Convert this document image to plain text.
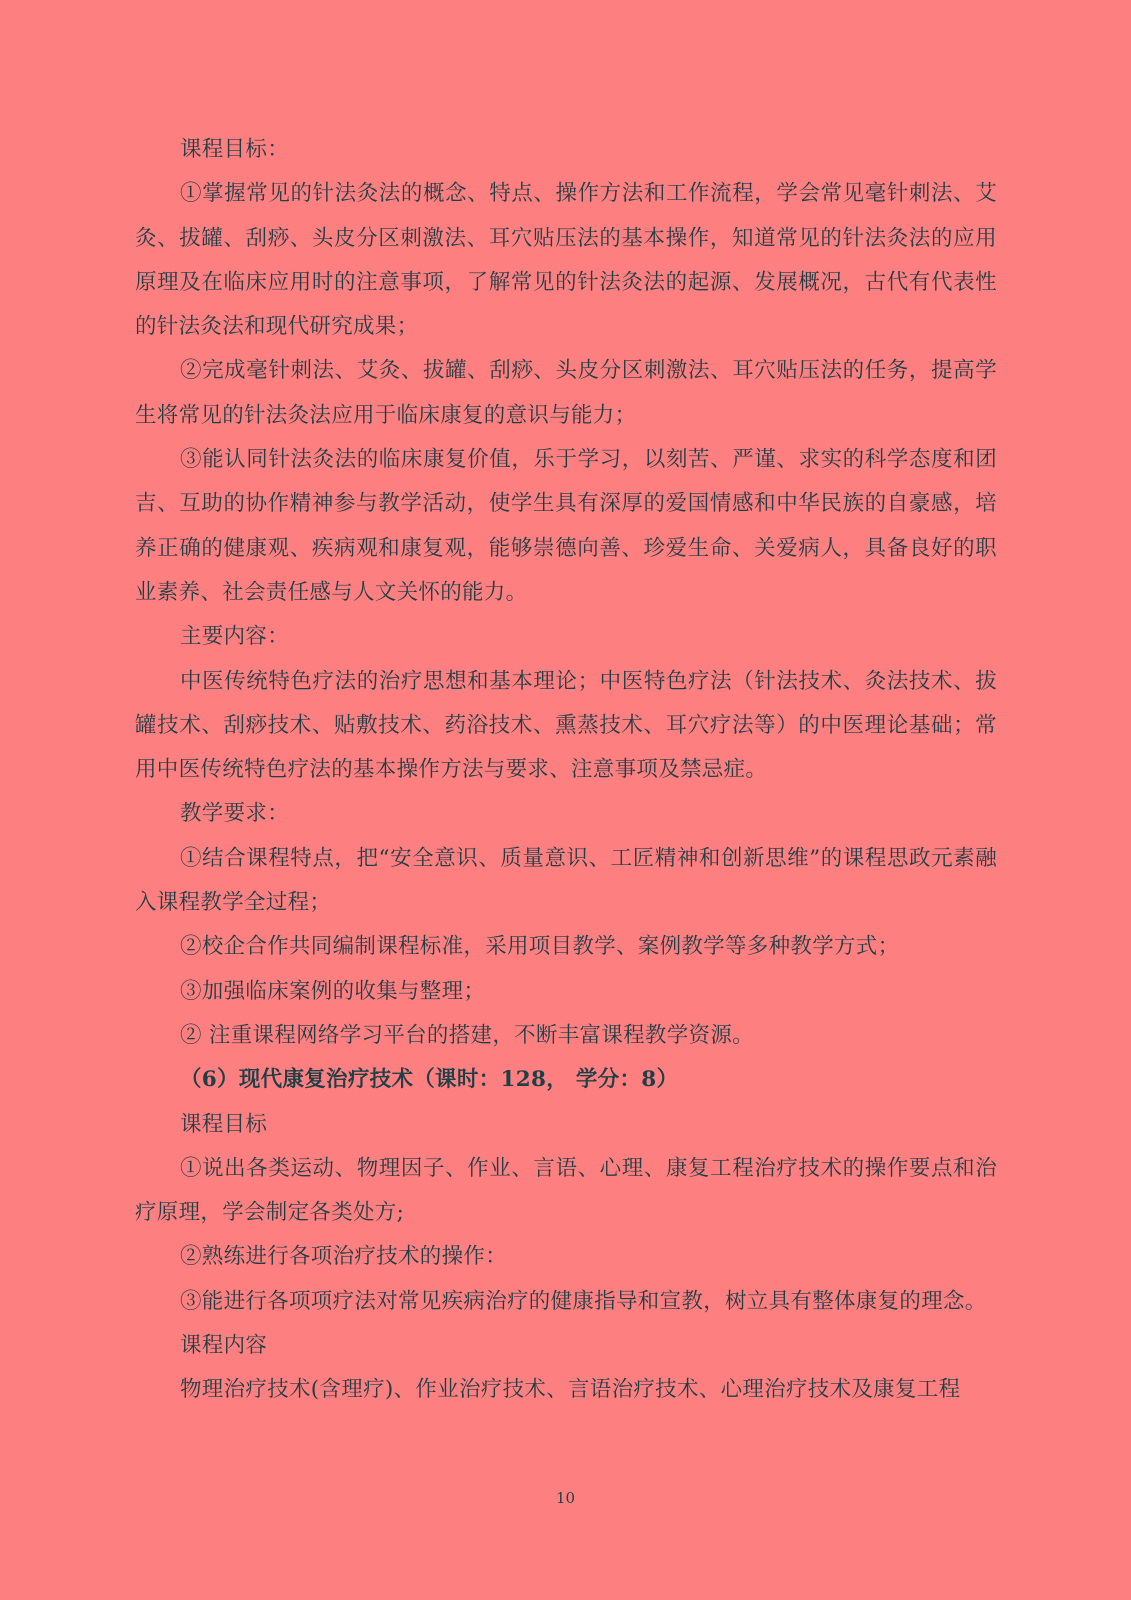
课程目标：

①掌握常见的针法灸法的概念、特点、操作方法和工作流程，学会常见毫针刺法、艾灸、拔罐、刮痧、头皮分区刺激法、耳穴贴压法的基本操作，知道常见的针法灸法的应用原理及在临床应用时的注意事项，了解常见的针法灸法的起源、发展概况，古代有代表性的针法灸法和现代研究成果；

②完成毫针刺法、艾灸、拔罐、刮痧、头皮分区刺激法、耳穴贴压法的任务，提高学生将常见的针法灸法应用于临床康复的意识与能力；

③能认同针法灸法的临床康复价值，乐于学习，以刻苦、严谨、求实的科学态度和团吉、互助的协作精神参与教学活动，使学生具有深厚的爱国情感和中华民族的自豪感，培养正确的健康观、疾病观和康复观，能够崇德向善、珍爱生命、关爱病人，具备良好的职业素养、社会责任感与人文关怀的能力。

主要内容：

中医传统特色疗法的治疗思想和基本理论；中医特色疗法（针法技术、灸法技术、拔罐技术、刮痧技术、贴敷技术、药浴技术、熏蒸技术、耳穴疗法等）的中医理论基础；常用中医传统特色疗法的基本操作方法与要求、注意事项及禁忌症。

教学要求：

①结合课程特点，把“安全意识、质量意识、工匠精神和创新思维”的课程思政元素融入课程教学全过程；

②校企合作共同编制课程标准，采用项目教学、案例教学等多种教学方式；

③加强临床案例的收集与整理；

② 注重课程网络学习平台的搭建，不断丰富课程教学资源。

（6）现代康复治疗技术（课时：128， 学分：8）

课程目标

①说出各类运动、物理因子、作业、言语、心理、康复工程治疗技术的操作要点和治疗原理，学会制定各类处方;

②熟练进行各项治疗技术的操作：

③能进行各项项疗法对常见疾病治疗的健康指导和宣教，树立具有整体康复的理念。

课程内容

物理治疗技术(含理疗)、作业治疗技术、言语治疗技术、心理治疗技术及康复工程

10
